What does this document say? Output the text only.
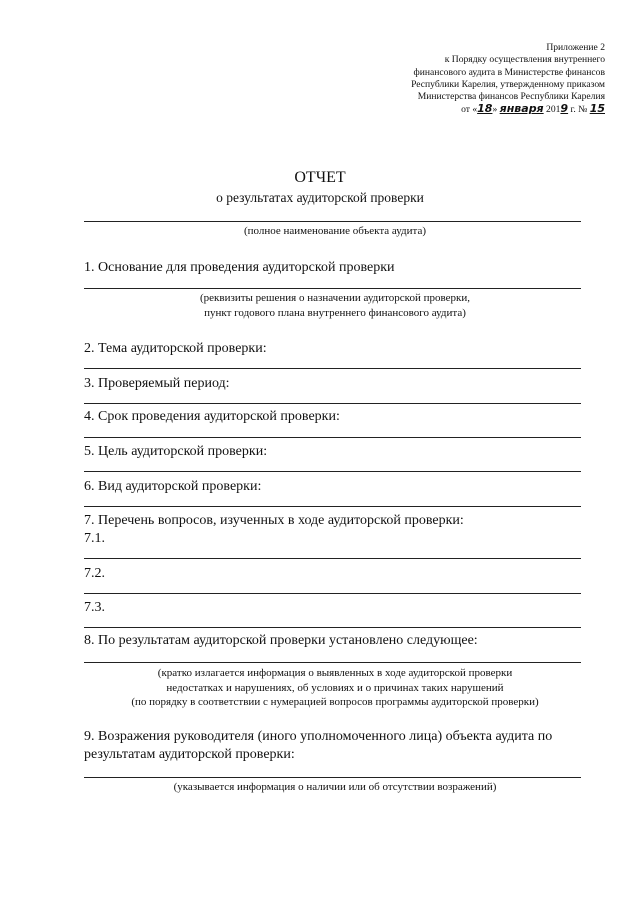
Приложение 2
к Порядку осуществления внутреннего
финансового аудита в Министерстве финансов
Республики Карелия, утвержденному приказом
Министерства финансов Республики Карелия
от «18» января 2019 г. № 15
ОТЧЕТ
о результатах аудиторской проверки
(полное наименование объекта аудита)
1. Основание для проведения аудиторской проверки
(реквизиты решения о назначении аудиторской проверки,
пункт годового плана внутреннего финансового аудита)
2. Тема аудиторской проверки:
3. Проверяемый период:
4. Срок проведения аудиторской проверки:
5. Цель аудиторской проверки:
6. Вид аудиторской проверки:
7. Перечень вопросов, изученных в ходе аудиторской проверки:
7.1.
7.2.
7.3.
8. По результатам аудиторской проверки установлено следующее:
(кратко излагается информация о выявленных в ходе аудиторской проверки
недостатках и нарушениях, об условиях и о причинах таких нарушений
(по порядку в соответствии с нумерацией вопросов программы аудиторской проверки)
9. Возражения руководителя (иного уполномоченного лица) объекта аудита по результатам аудиторской проверки:
(указывается информация о наличии или об отсутствии возражений)
